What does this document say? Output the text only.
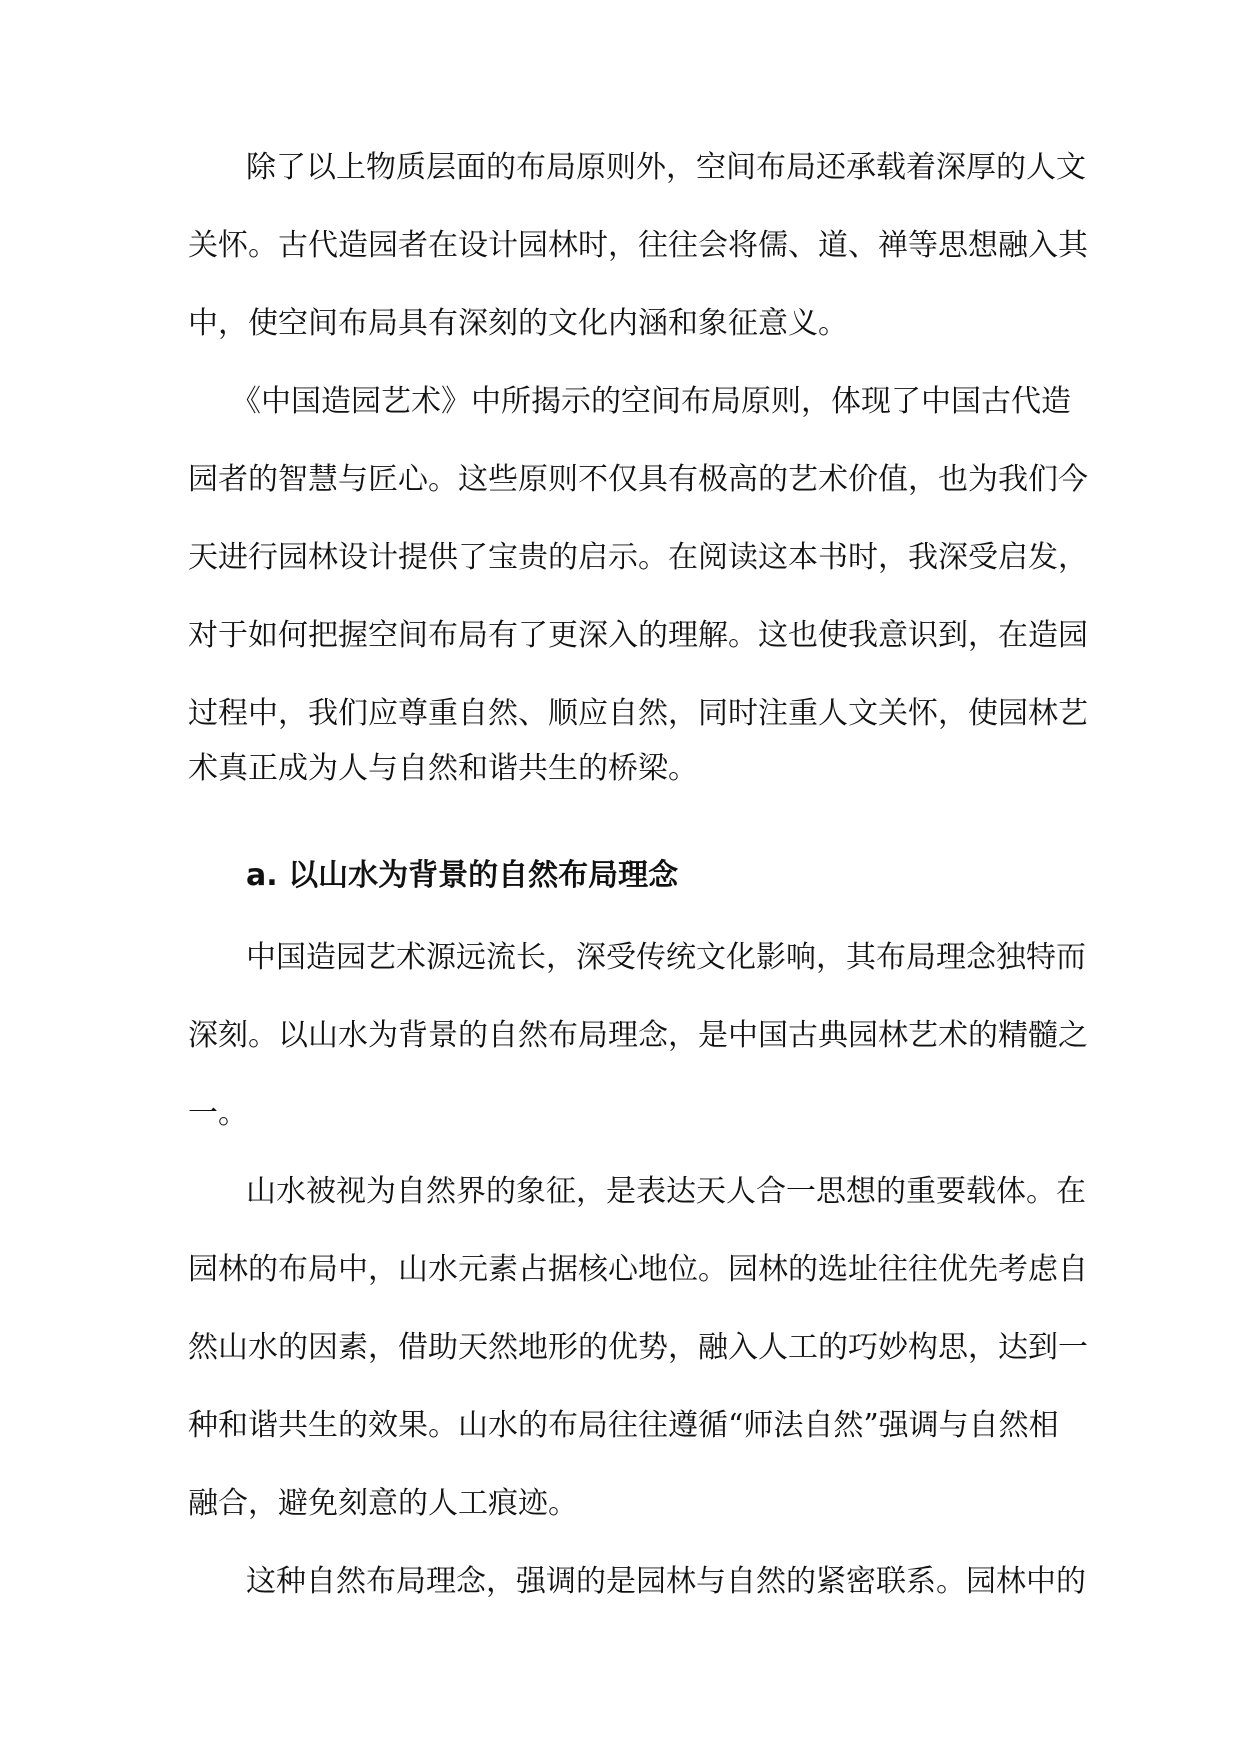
除了以上物质层面的布局原则外，空间布局还承载着深厚的人文

关怀。古代造园者在设计园林时，往往会将儒、道、禅等思想融入其

中，使空间布局具有深刻的文化内涵和象征意义。

《中国造园艺术》中所揭示的空间布局原则，体现了中国古代造

园者的智慧与匠心。这些原则不仅具有极高的艺术价值，也为我们今

天进行园林设计提供了宝贵的启示。在阅读这本书时，我深受启发，

对于如何把握空间布局有了更深入的理解。这也使我意识到，在造园

过程中，我们应尊重自然、顺应自然，同时注重人文关怀，使园林艺

术真正成为人与自然和谐共生的桥梁。

a. 以山水为背景的自然布局理念

中国造园艺术源远流长，深受传统文化影响，其布局理念独特而

深刻。以山水为背景的自然布局理念，是中国古典园林艺术的精髓之

一。

山水被视为自然界的象征，是表达天人合一思想的重要载体。在

园林的布局中，山水元素占据核心地位。园林的选址往往优先考虑自

然山水的因素，借助天然地形的优势，融入人工的巧妙构思，达到一

种和谐共生的效果。山水的布局往往遵循“师法自然”强调与自然相

融合，避免刻意的人工痕迹。

这种自然布局理念，强调的是园林与自然的紧密联系。园林中的
